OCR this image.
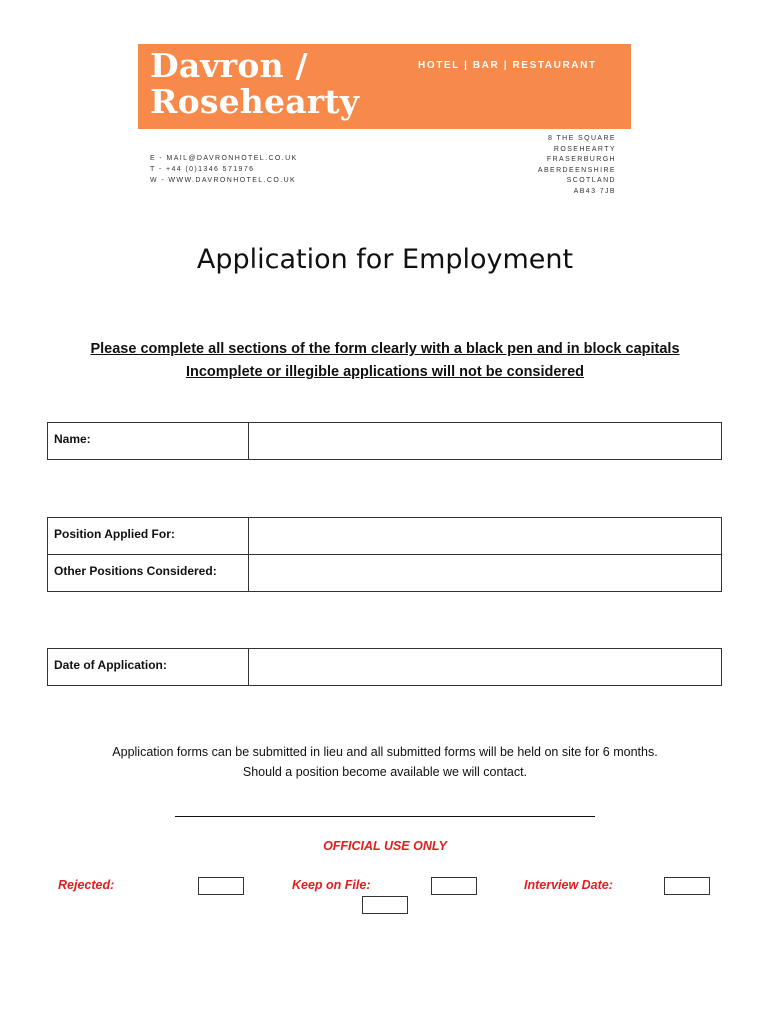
Davron /
Rosehearty
HOTEL | BAR | RESTAURANT
E - MAIL@DAVRONHOTEL.CO.UK
T - +44 (0)1346 571976
W - WWW.DAVRONHOTEL.CO.UK
8 THE SQUARE
ROSEHEARTY
FRASERBURGH
ABERDEENSHIRE
SCOTLAND
AB43 7JB
Application for Employment
Please complete all sections of the form clearly with a black pen and in block capitals
Incomplete or illegible applications will not be considered
Name:
Position Applied For:
Other Positions Considered:
Date of Application:
Application forms can be submitted in lieu and all submitted forms will be held on site for 6 months.
Should a position become available we will contact.
OFFICIAL USE ONLY
Rejected:	Keep on File:	Interview Date:
